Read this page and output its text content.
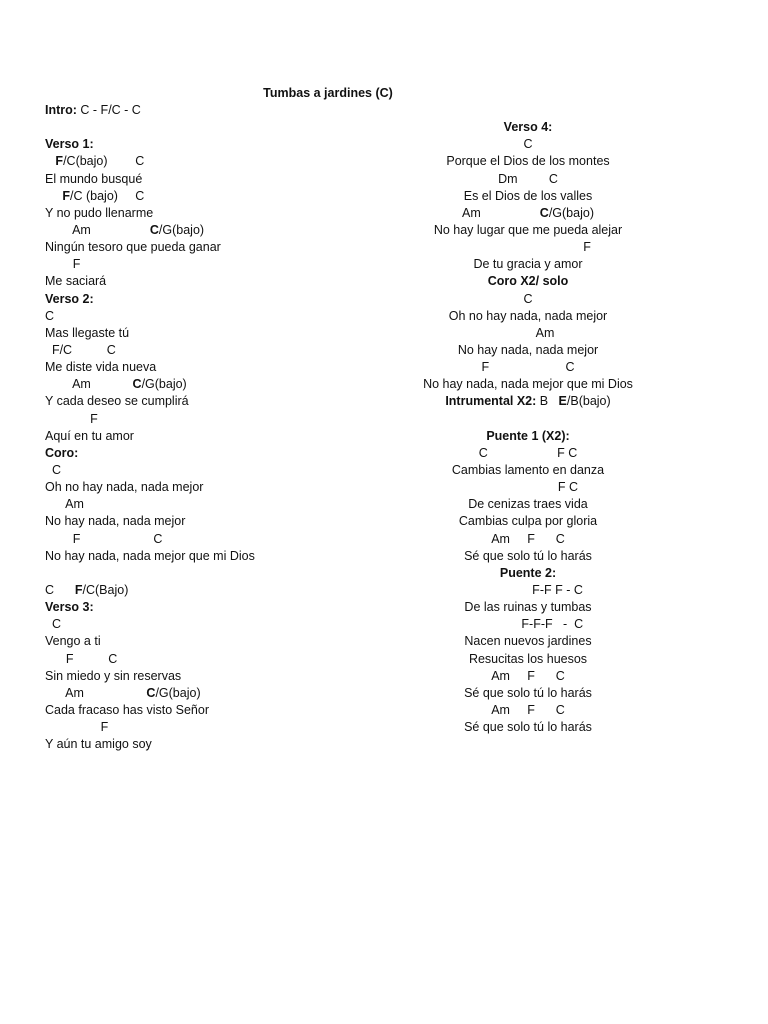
Tumbas a jardines (C)
Intro: C - F/C - C
Verso 1:
F/C(bajo)        C
El mundo busqué
F/C (bajo)     C
Y no pudo llenarme
Am                 C/G(bajo)
Ningún tesoro que pueda ganar
F
Me saciará
Verso 2:
C
Mas llegaste tú
F/C          C
Me diste vida nueva
Am            C/G(bajo)
Y cada deseo se cumplirá
F
Aquí en tu amor
Coro:
C
Oh no hay nada, nada mejor
Am
No hay nada, nada mejor
F                     C
No hay nada, nada mejor que mi Dios
C      F/C(Bajo)
Verso 3:
C
Vengo a ti
F          C
Sin miedo y sin reservas
Am                  C/G(bajo)
Cada fracaso has visto Señor
F
Y aún tu amigo soy
Verso 4:
C
Porque el Dios de los montes
Dm         C
Es el Dios de los valles
Am                 C/G(bajo)
No hay lugar que me pueda alejar
F
De tu gracia y amor
Coro X2/ solo
C
Oh no hay nada, nada mejor
Am
No hay nada, nada mejor
F                      C
No hay nada, nada mejor que mi Dios
Intrumental X2: B   E/B(bajo)
Puente 1 (X2):
C                    F C
Cambias lamento en danza
F C
De cenizas traes vida
Cambias culpa por gloria
Am     F      C
Sé que solo tú lo harás
Puente 2:
F-F F - C
De las ruinas y tumbas
F-F-F   -  C
Nacen nuevos jardines
Resucitas los huesos
Am     F      C
Sé que solo tú lo harás
Am     F      C
Sé que solo tú lo harás
